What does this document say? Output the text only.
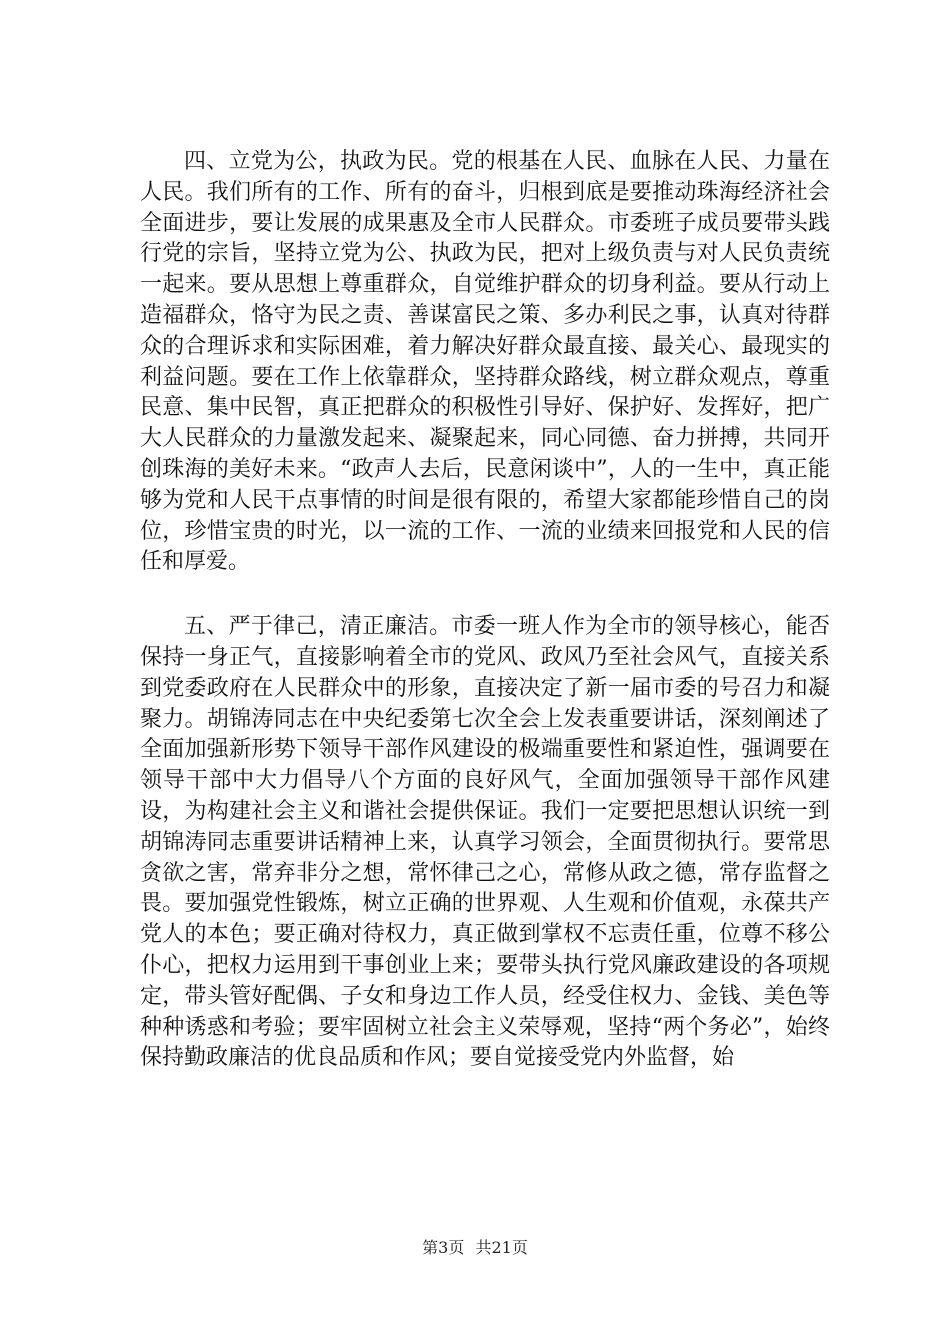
四、立党为公，执政为民。党的根基在人民、血脉在人民、力量在人民。我们所有的工作、所有的奋斗，归根到底是要推动珠海经济社会全面进步，要让发展的成果惠及全市人民群众。市委班子成员要带头践行党的宗旨，坚持立党为公、执政为民，把对上级负责与对人民负责统一起来。要从思想上尊重群众，自觉维护群众的切身利益。要从行动上造福群众，恪守为民之责、善谋富民之策、多办利民之事，认真对待群众的合理诉求和实际困难，着力解决好群众最直接、最关心、最现实的利益问题。要在工作上依靠群众，坚持群众路线，树立群众观点，尊重民意、集中民智，真正把群众的积极性引导好、保护好、发挥好，把广大人民群众的力量激发起来、凝聚起来，同心同德、奋力拼搏，共同开创珠海的美好未来。“政声人去后，民意闲谈中”，人的一生中，真正能够为党和人民干点事情的时间是很有限的，希望大家都能珍惜自己的岗位，珍惜宝贵的时光，以一流的工作、一流的业绩来回报党和人民的信任和厚爱。

五、严于律己，清正廉洁。市委一班人作为全市的领导核心，能否保持一身正气，直接影响着全市的党风、政风乃至社会风气，直接关系到党委政府在人民群众中的形象，直接决定了新一届市委的号召力和凝聚力。胡锦涛同志在中央纪委第七次全会上发表重要讲话，深刻阐述了全面加强新形势下领导干部作风建设的极端重要性和紧迫性，强调要在领导干部中大力倡导八个方面的良好风气，全面加强领导干部作风建设，为构建社会主义和谐社会提供保证。我们一定要把思想认识统一到胡锦涛同志重要讲话精神上来，认真学习领会，全面贯彻执行。要常思贪欲之害，常弃非分之想，常怀律己之心，常修从政之德，常存监督之畏。要加强党性锻炼，树立正确的世界观、人生观和价值观，永葆共产党人的本色；要正确对待权力，真正做到掌权不忘责任重，位尊不移公仆心，把权力运用到干事创业上来；要带头执行党风廉政建设的各项规定，带头管好配偶、子女和身边工作人员，经受住权力、金钱、美色等种种诱惑和考验；要牢固树立社会主义荣辱观，坚持“两个务必”，始终保持勤政廉洁的优良品质和作风；要自觉接受党内外监督，始

第3页 共21页
